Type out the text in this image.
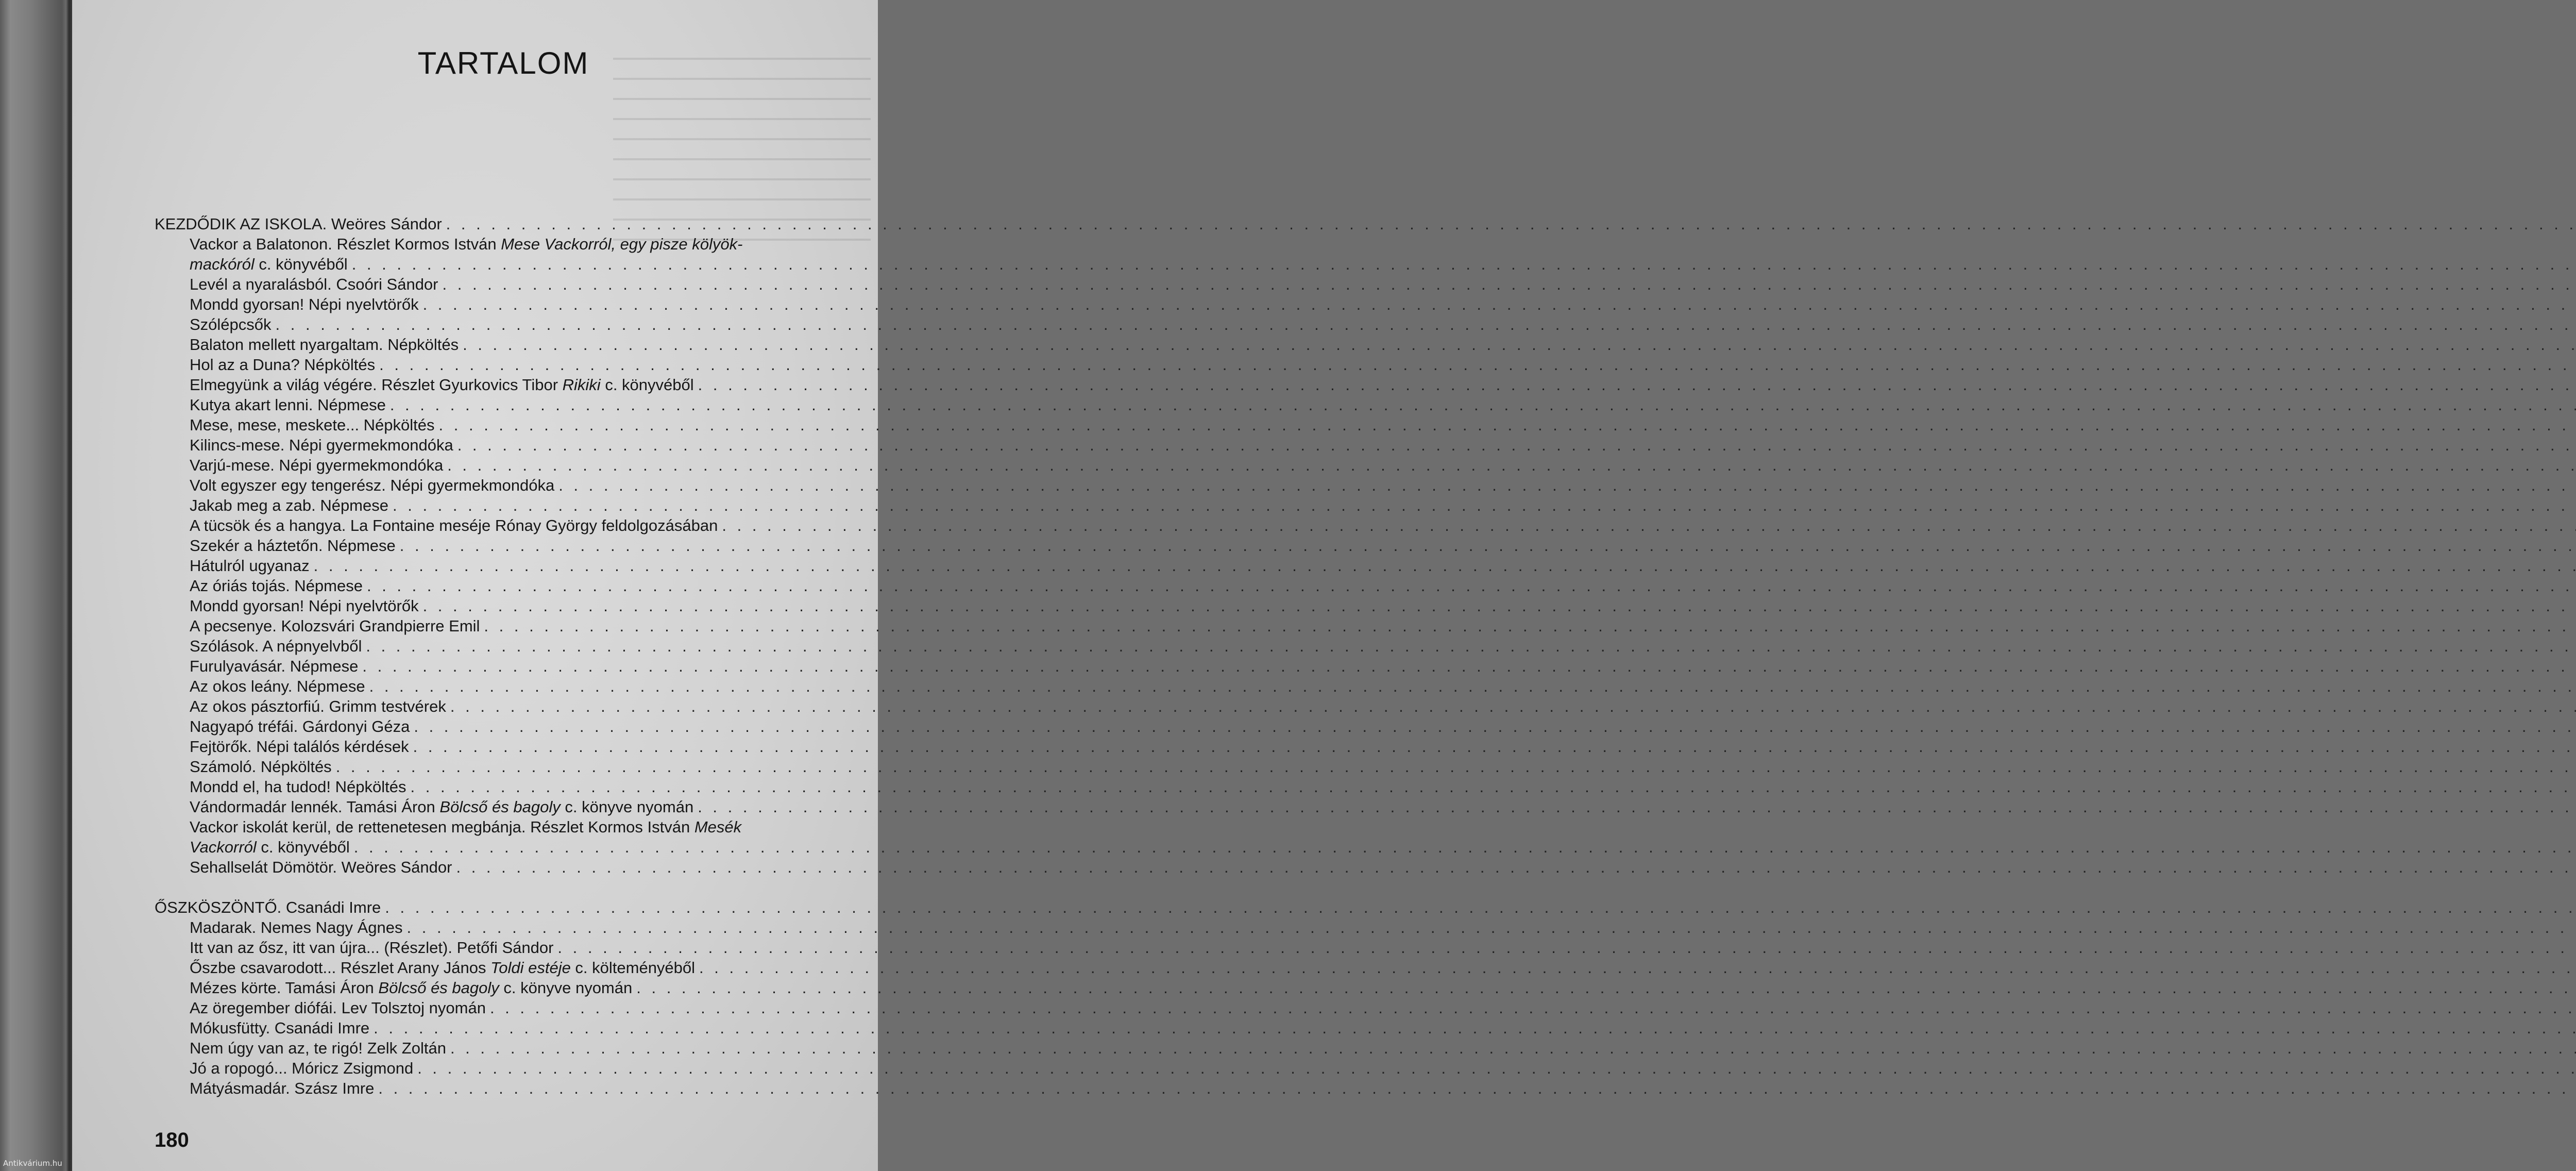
TARTALOM
KEZDŐDIK AZ ISKOLA. Weöres Sándor
. . .
Vackor a Balatonon. Részlet Kormos István Mese Vackorról, egy pisze kölyök-
mackóról c. könyvéből
. . .
Levél a nyaralásból. Csoóri Sándor
. . .
Mondd gyorsan! Népi nyelvtörők
. . .
Szólépcsők
. . .
Balaton mellett nyargaltam. Népköltés
. . .
Hol az a Duna? Népköltés
. . .
Elmegyünk a világ végére. Részlet Gyurkovics Tibor Rikiki c. könyvéből
. . .
Kutya akart lenni. Népmese
. . .
Mese, mese, meskete... Népköltés
. . .
Kilincs-mese. Népi gyermekmondóka
. . .
Varjú-mese. Népi gyermekmondóka
. . .
Volt egyszer egy tengerész. Népi gyermekmondóka
. . .
Jakab meg a zab. Népmese
. . .
A tücsök és a hangya. La Fontaine meséje Rónay György feldolgozásában
. . .
Szekér a háztetőn. Népmese
. . .
Hátulról ugyanaz
. . .
Az óriás tojás. Népmese
. . .
Mondd gyorsan! Népi nyelvtörők
. . .
A pecsenye. Kolozsvári Grandpierre Emil
. . .
Szólások. A népnyelvből
. . .
Furulyavásár. Népmese
. . .
Az okos leány. Népmese
. . .
Az okos pásztorfiú. Grimm testvérek
. . .
Nagyapó tréfái. Gárdonyi Géza
. . .
Fejtörők. Népi találós kérdések
. . .
Számoló. Népköltés
. . .
Mondd el, ha tudod! Népköltés
. . .
Vándormadár lennék. Tamási Áron Bölcső és bagoly c. könyve nyomán
. . .
Vackor iskolát kerül, de rettenetesen megbánja. Részlet Kormos István Mesék
Vackorról c. könyvéből
. . .
Sehallselát Dömötör. Weöres Sándor
. . .
ŐSZKÖSZÖNTŐ. Csanádi Imre
. . .
Madarak. Nemes Nagy Ágnes
. . .
Itt van az ősz, itt van újra... (Részlet). Petőfi Sándor
. . .
Őszbe csavarodott... Részlet Arany János Toldi estéje c. költeményéből
. . .
Mézes körte. Tamási Áron Bölcső és bagoly c. könyve nyomán
. . .
Az öregember diófái. Lev Tolsztoj nyomán
. . .
Mókusfütty. Csanádi Imre
. . .
Nem úgy van az, te rigó! Zelk Zoltán
. . .
Jó a ropogó... Móricz Zsigmond
. . .
Mátyásmadár. Szász Imre
. . .
180
Antikvárium.hu
